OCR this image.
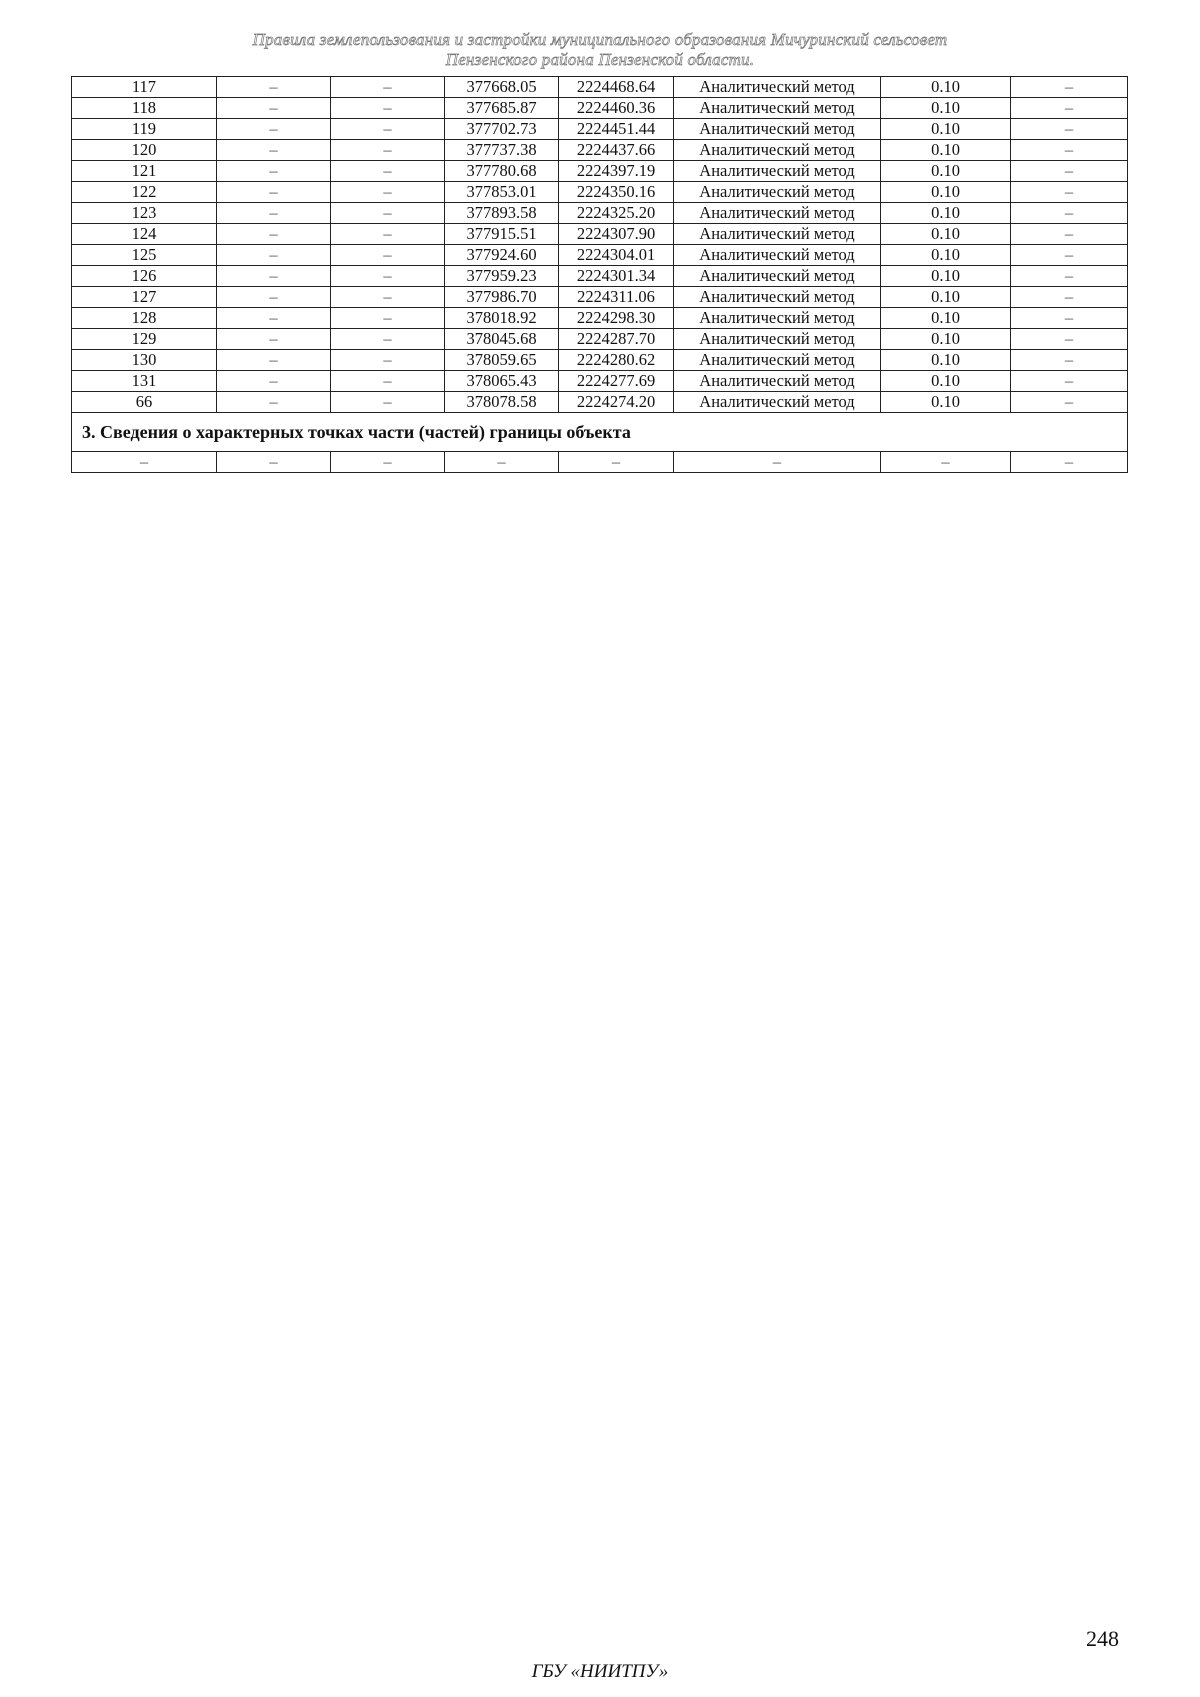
Правила землепользования и застройки муниципального образования Мичуринский сельсовет
Пензенского района Пензенской области.
117	–	–	377668.05	2224468.64	Аналитический метод	0.10	–
118	–	–	377685.87	2224460.36	Аналитический метод	0.10	–
119	–	–	377702.73	2224451.44	Аналитический метод	0.10	–
120	–	–	377737.38	2224437.66	Аналитический метод	0.10	–
121	–	–	377780.68	2224397.19	Аналитический метод	0.10	–
122	–	–	377853.01	2224350.16	Аналитический метод	0.10	–
123	–	–	377893.58	2224325.20	Аналитический метод	0.10	–
124	–	–	377915.51	2224307.90	Аналитический метод	0.10	–
125	–	–	377924.60	2224304.01	Аналитический метод	0.10	–
126	–	–	377959.23	2224301.34	Аналитический метод	0.10	–
127	–	–	377986.70	2224311.06	Аналитический метод	0.10	–
128	–	–	378018.92	2224298.30	Аналитический метод	0.10	–
129	–	–	378045.68	2224287.70	Аналитический метод	0.10	–
130	–	–	378059.65	2224280.62	Аналитический метод	0.10	–
131	–	–	378065.43	2224277.69	Аналитический метод	0.10	–
66	–	–	378078.58	2224274.20	Аналитический метод	0.10	–
3. Сведения о характерных точках части (частей) границы объекта							
–	–	–	–	–	–	–	–
248
ГБУ «НИИТПУ»
